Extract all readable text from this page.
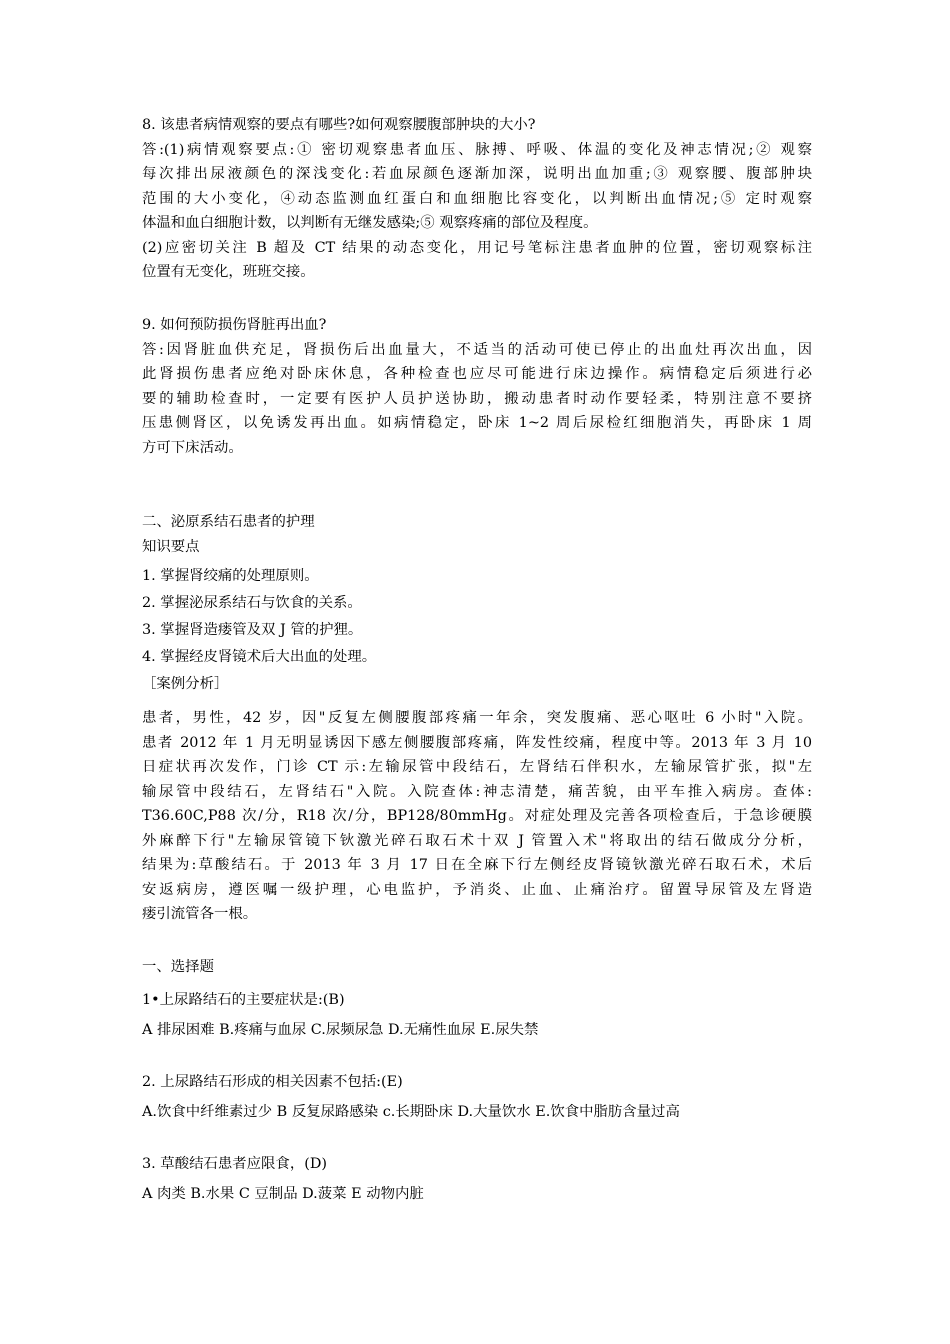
8. 该患者病情观察的要点有哪些?如何观察腰腹部肿块的大小?
答:(1)病情观察要点:① 密切观察患者血压、脉搏、呼吸、体温的变化及神志情况;② 观察
每次排出尿液颜色的深浅变化:若血尿颜色逐渐加深，说明出血加重;③ 观察腰、腹部肿块
范围的大小变化，④动态监测血红蛋白和血细胞比容变化，以判断出血情况;⑤ 定时观察
体温和血白细胞计数，以判断有无继发感染;⑤ 观察疼痛的部位及程度。
(2)应密切关注 B 超及 CT 结果的动态变化，用记号笔标注患者血肿的位置，密切观察标注
位置有无变化，班班交接。
9. 如何预防损伤肾脏再出血?
答:因肾脏血供充足，肾损伤后出血量大，不适当的活动可使已停止的出血灶再次出血，因
此肾损伤患者应绝对卧床休息，各种检查也应尽可能进行床边操作。病情稳定后须进行必
要的辅助检查时，一定要有医护人员护送协助，搬动患者时动作要轻柔，特别注意不要挤
压患侧肾区，以免诱发再出血。如病情稳定，卧床 1~2 周后尿检红细胞消失，再卧床 1 周
方可下床活动。
二、泌原系结石患者的护理
知识要点
1. 掌握肾绞痛的处理原则。
2. 掌握泌尿系结石与饮食的关系。
3. 掌握肾造瘘管及双 J 管的护狸。
4. 掌握经皮肾镜术后大出血的处理。
［案例分析］
患者，男性，42 岁，因"反复左侧腰腹部疼痛一年余，突发腹痛、恶心呕吐 6 小时"入院。
患者 2012 年 1 月无明显诱因下感左侧腰腹部疼痛，阵发性绞痛，程度中等。2013 年 3 月 10
日症状再次发作，门诊 CT 示:左输尿管中段结石，左肾结石伴积水，左输尿管扩张，拟"左
输尿管中段结石，左肾结石"入院。入院查体:神志清楚，痛苦貌，由平车推入病房。查体:
T36.60C,P88 次/分，R18 次/分，BP128/80mmHg。对症处理及完善各项检查后，于急诊硬膜
外麻醉下行"左输尿管镜下钬激光碎石取石术十双 J 管置入术"将取出的结石做成分分析，
结果为:草酸结石。于 2013 年 3 月 17 日在全麻下行左侧经皮肾镜钬激光碎石取石术，术后
安返病房，遵医嘱一级护理，心电监护，予消炎、止血、止痛治疗。留置导尿管及左肾造
瘘引流管各一根。
一、选择题
1•上尿路结石的主要症状是:(B)
A 排尿困难 B.疼痛与血尿 C.尿频尿急 D.无痛性血尿 E.尿失禁
2. 上尿路结石形成的相关因素不包括:(E)
A.饮食中纤维素过少 B 反复尿路感染 c.长期卧床 D.大量饮水 E.饮食中脂肪含量过高
3. 草酸结石患者应限食，(D)
A 肉类 B.水果 C 豆制品 D.菠菜 E 动物内脏
